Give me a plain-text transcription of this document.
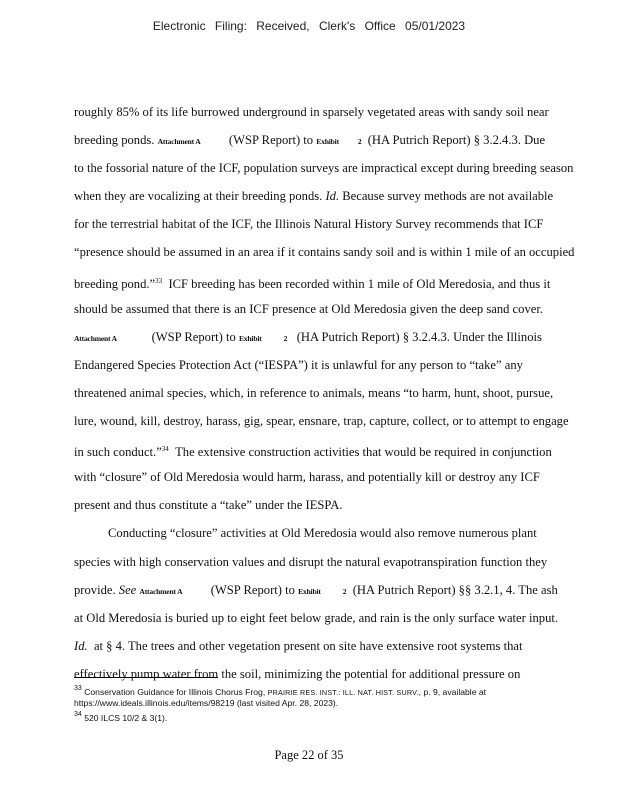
Electronic Filing: Received, Clerk's Office 05/01/2023
roughly 85% of its life burrowed underground in sparsely vegetated areas with sandy soil near
breeding ponds. Attachment A (WSP Report) to Exhibit 2 (HA Putrich Report) § 3.2.4.3. Due
to the fossorial nature of the ICF, population surveys are impractical except during breeding season
when they are vocalizing at their breeding ponds. Id. Because survey methods are not available
for the terrestrial habitat of the ICF, the Illinois Natural History Survey recommends that ICF
“presence should be assumed in an area if it contains sandy soil and is within 1 mile of an occupied
breeding pond.”$^{33}$ ICF breeding has been recorded within 1 mile of Old Meredosia, and thus it
should be assumed that there is an ICF presence at Old Meredosia given the deep sand cover.
Attachment A	(WSP Report) to Exhibit	2 (HA Putrich Report) § 3.2.4.3. Under the Illinois
Endangered Species Protection Act (“IESPA”) it is unlawful for any person to “take” any
threatened animal species, which, in reference to animals, means “to harm, hunt, shoot, pursue,
lure, wound, kill, destroy, harass, gig, spear, ensnare, trap, capture, collect, or to attempt to engage
in such conduct.”$^{34}$ The extensive construction activities that would be required in conjunction
with “closure” of Old Meredosia would harm, harass, and potentially kill or destroy any ICF
present and thus constitute a “take” under the IESPA.
Conducting “closure” activities at Old Meredosia would also remove numerous plant
species with high conservation values and disrupt the natural evapotranspiration function they
provide. See Attachment A (WSP Report) to Exhibit	2 (HA Putrich Report) §§ 3.2.1, 4. The ash
at Old Meredosia is buried up to eight feet below grade, and rain is the only surface water input.
Id. at § 4. The trees and other vegetation present on site have extensive root systems that
effectively pump water from the soil, minimizing the potential for additional pressure on
$^{33}$ Conservation Guidance for Illinois Chorus Frog, PRAIRIE RES. INST.: ILL. NAT. HIST. SURV., p. 9, available at
https://www.ideals.illinois.edu/items/98219 (last visited Apr. 28, 2023).
$^{34}$ 520 ILCS 10/2 & 3(1).
Page 22 of 35
